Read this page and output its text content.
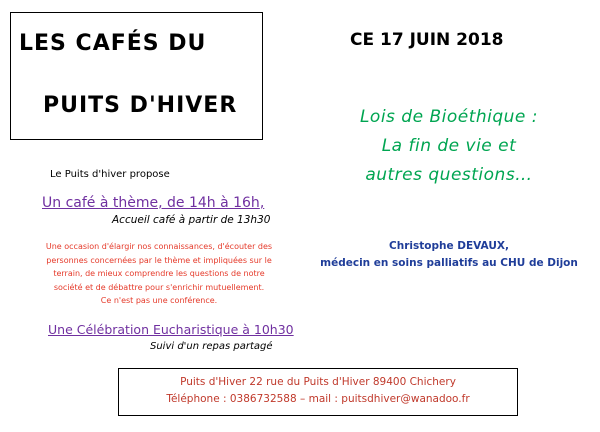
LES CAFÉS DU
PUITS D'HIVER
CE 17 JUIN 2018
Lois de Bioéthique :
La fin de vie et
autres questions…
Christophe DEVAUX,
médecin en soins palliatifs au CHU de Dijon
Le Puits d'hiver propose
Un café à thème, de 14h à 16h,
Accueil café à partir de 13h30
Une occasion d'élargir nos connaissances, d'écouter des
personnes concernées par le thème et impliquées sur le
terrain, de mieux comprendre les questions de notre
société et de débattre pour s'enrichir mutuellement.
Ce n'est pas une conférence.
Une Célébration Eucharistique à 10h30
Suivi d'un repas partagé
Puits d'Hiver 22 rue du Puits d'Hiver 89400 Chichery
Téléphone : 0386732588 – mail : puitsdhiver@wanadoo.fr
